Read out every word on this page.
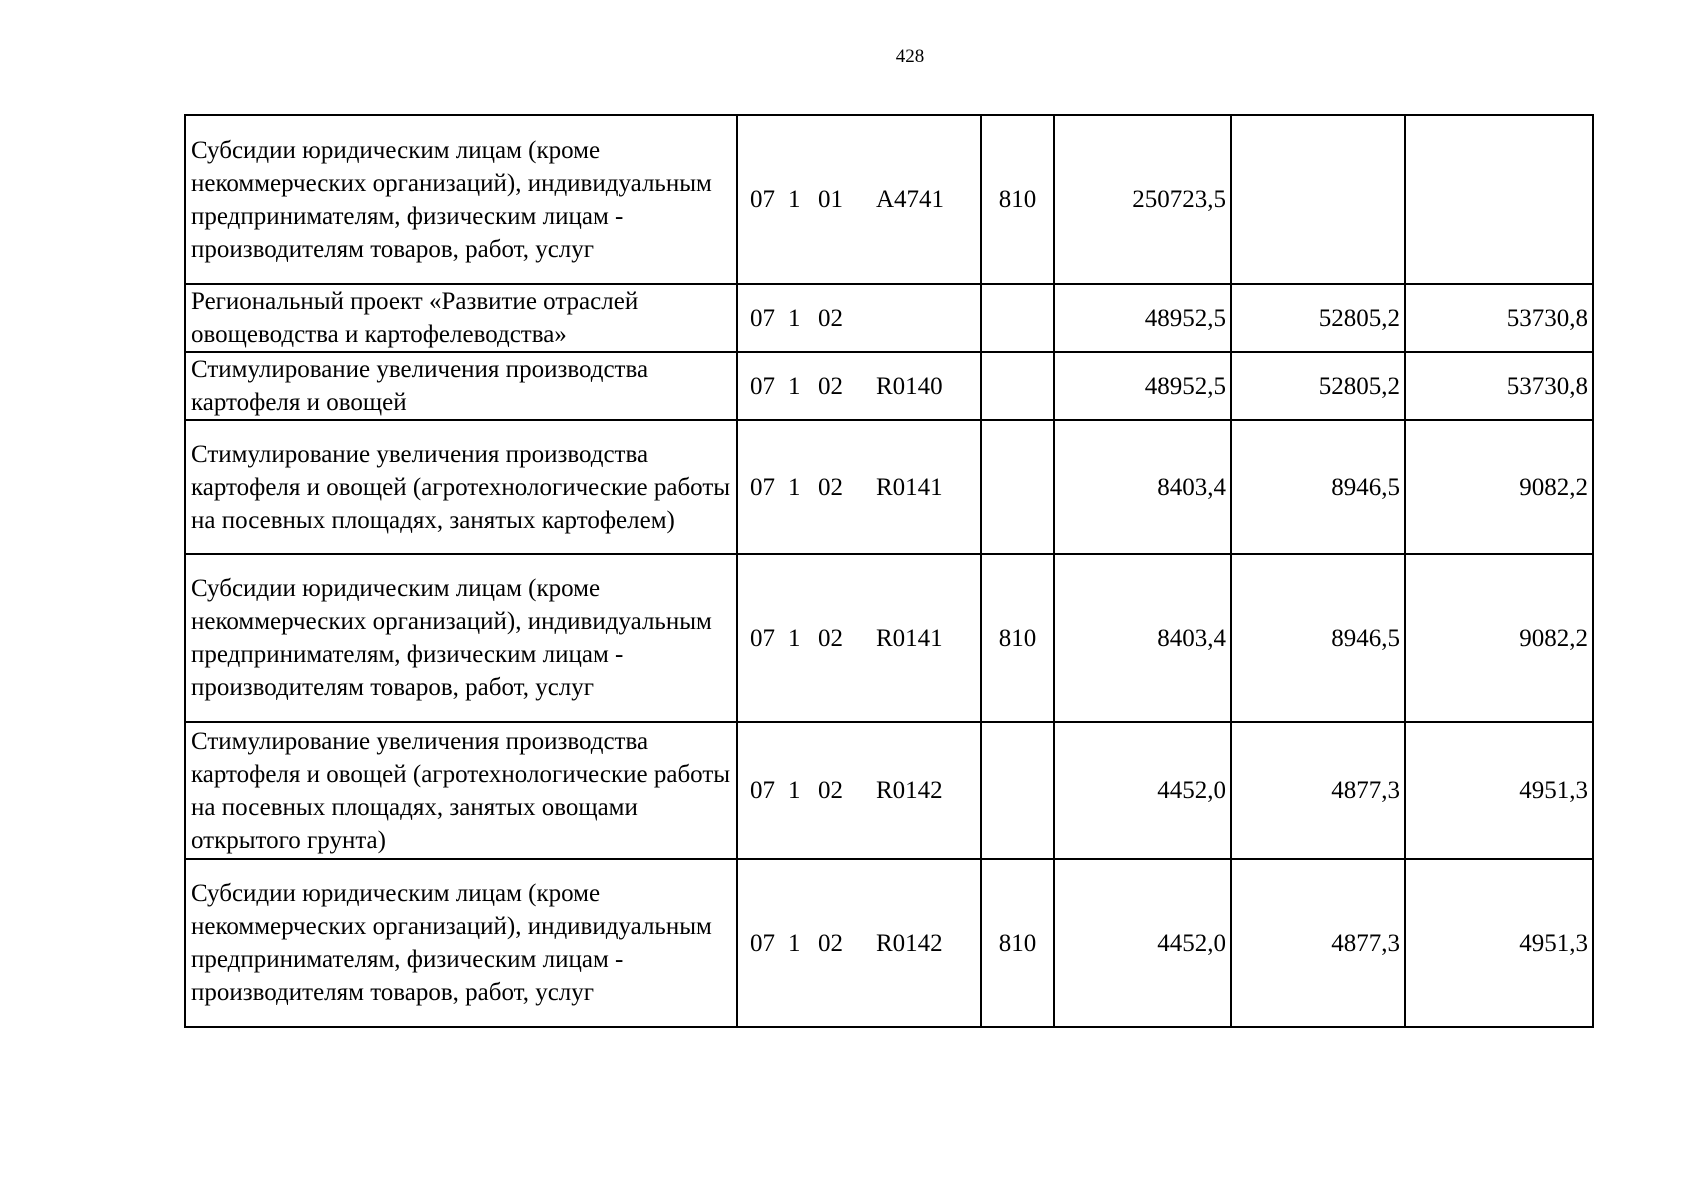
428
Субсидии юридическим лицам (кроме некоммерческих организаций), индивидуальным предпринимателям, физическим лицам - производителям товаров, работ, услуг	07 1 01 A4741	810	250723,5		
Региональный проект «Развитие отраслей овощеводства и картофелеводства»	07 1 02		48952,5	52805,2	53730,8
Стимулирование увеличения производства картофеля и овощей	07 1 02 R0140		48952,5	52805,2	53730,8
Стимулирование увеличения производства картофеля и овощей (агротехнологические работы на посевных площадях, занятых картофелем)	07 1 02 R0141		8403,4	8946,5	9082,2
Субсидии юридическим лицам (кроме некоммерческих организаций), индивидуальным предпринимателям, физическим лицам - производителям товаров, работ, услуг	07 1 02 R0141	810	8403,4	8946,5	9082,2
Стимулирование увеличения производства картофеля и овощей (агротехнологические работы на посевных площадях, занятых овощами открытого грунта)	07 1 02 R0142		4452,0	4877,3	4951,3
Субсидии юридическим лицам (кроме некоммерческих организаций), индивидуальным предпринимателям, физическим лицам - производителям товаров, работ, услуг	07 1 02 R0142	810	4452,0	4877,3	4951,3
